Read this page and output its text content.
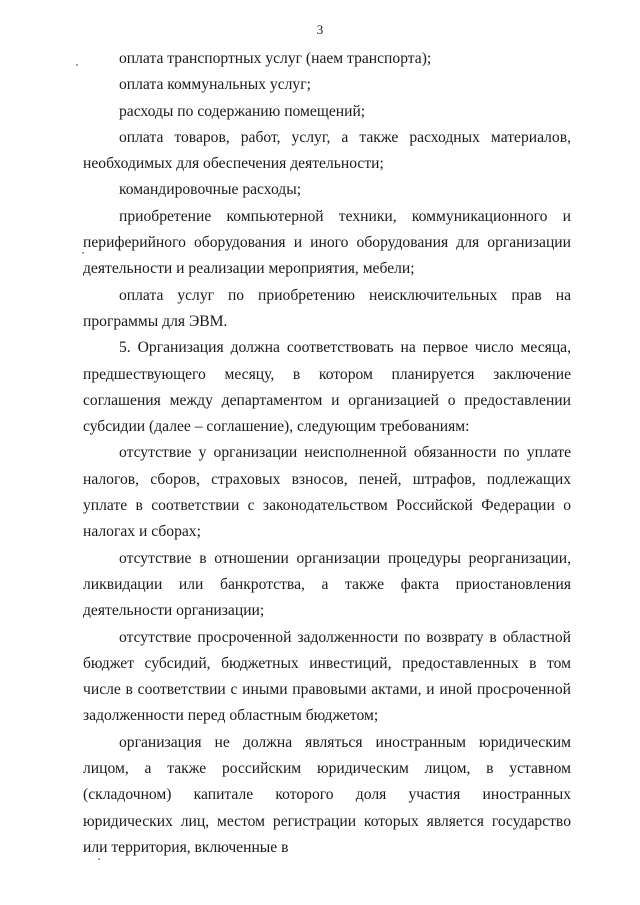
3

оплата транспортных услуг (наем транспорта);

оплата коммунальных услуг;

расходы по содержанию помещений;

оплата товаров, работ, услуг, а также расходных материалов, необходимых для обеспечения деятельности;

командировочные расходы;

приобретение компьютерной техники, коммуникационного и периферийного оборудования и иного оборудования для организации деятельности и реализации мероприятия, мебели;

оплата услуг по приобретению неисключительных прав на программы для ЭВМ.

5. Организация должна соответствовать на первое число месяца, предшествующего месяцу, в котором планируется заключение соглашения между департаментом и организацией о предоставлении субсидии (далее – соглашение), следующим требованиям:

отсутствие у организации неисполненной обязанности по уплате налогов, сборов, страховых взносов, пеней, штрафов, подлежащих уплате в соответствии с законодательством Российской Федерации о налогах и сборах;

отсутствие в отношении организации процедуры реорганизации, ликвидации или банкротства, а также факта приостановления деятельности организации;

отсутствие просроченной задолженности по возврату в областной бюджет субсидий, бюджетных инвестиций, предоставленных в том числе в соответствии с иными правовыми актами, и иной просроченной задолженности перед областным бюджетом;

организация не должна являться иностранным юридическим лицом, а также российским юридическим лицом, в уставном (складочном) капитале которого доля участия иностранных юридических лиц, местом регистрации которых является государство или территория, включенные в
